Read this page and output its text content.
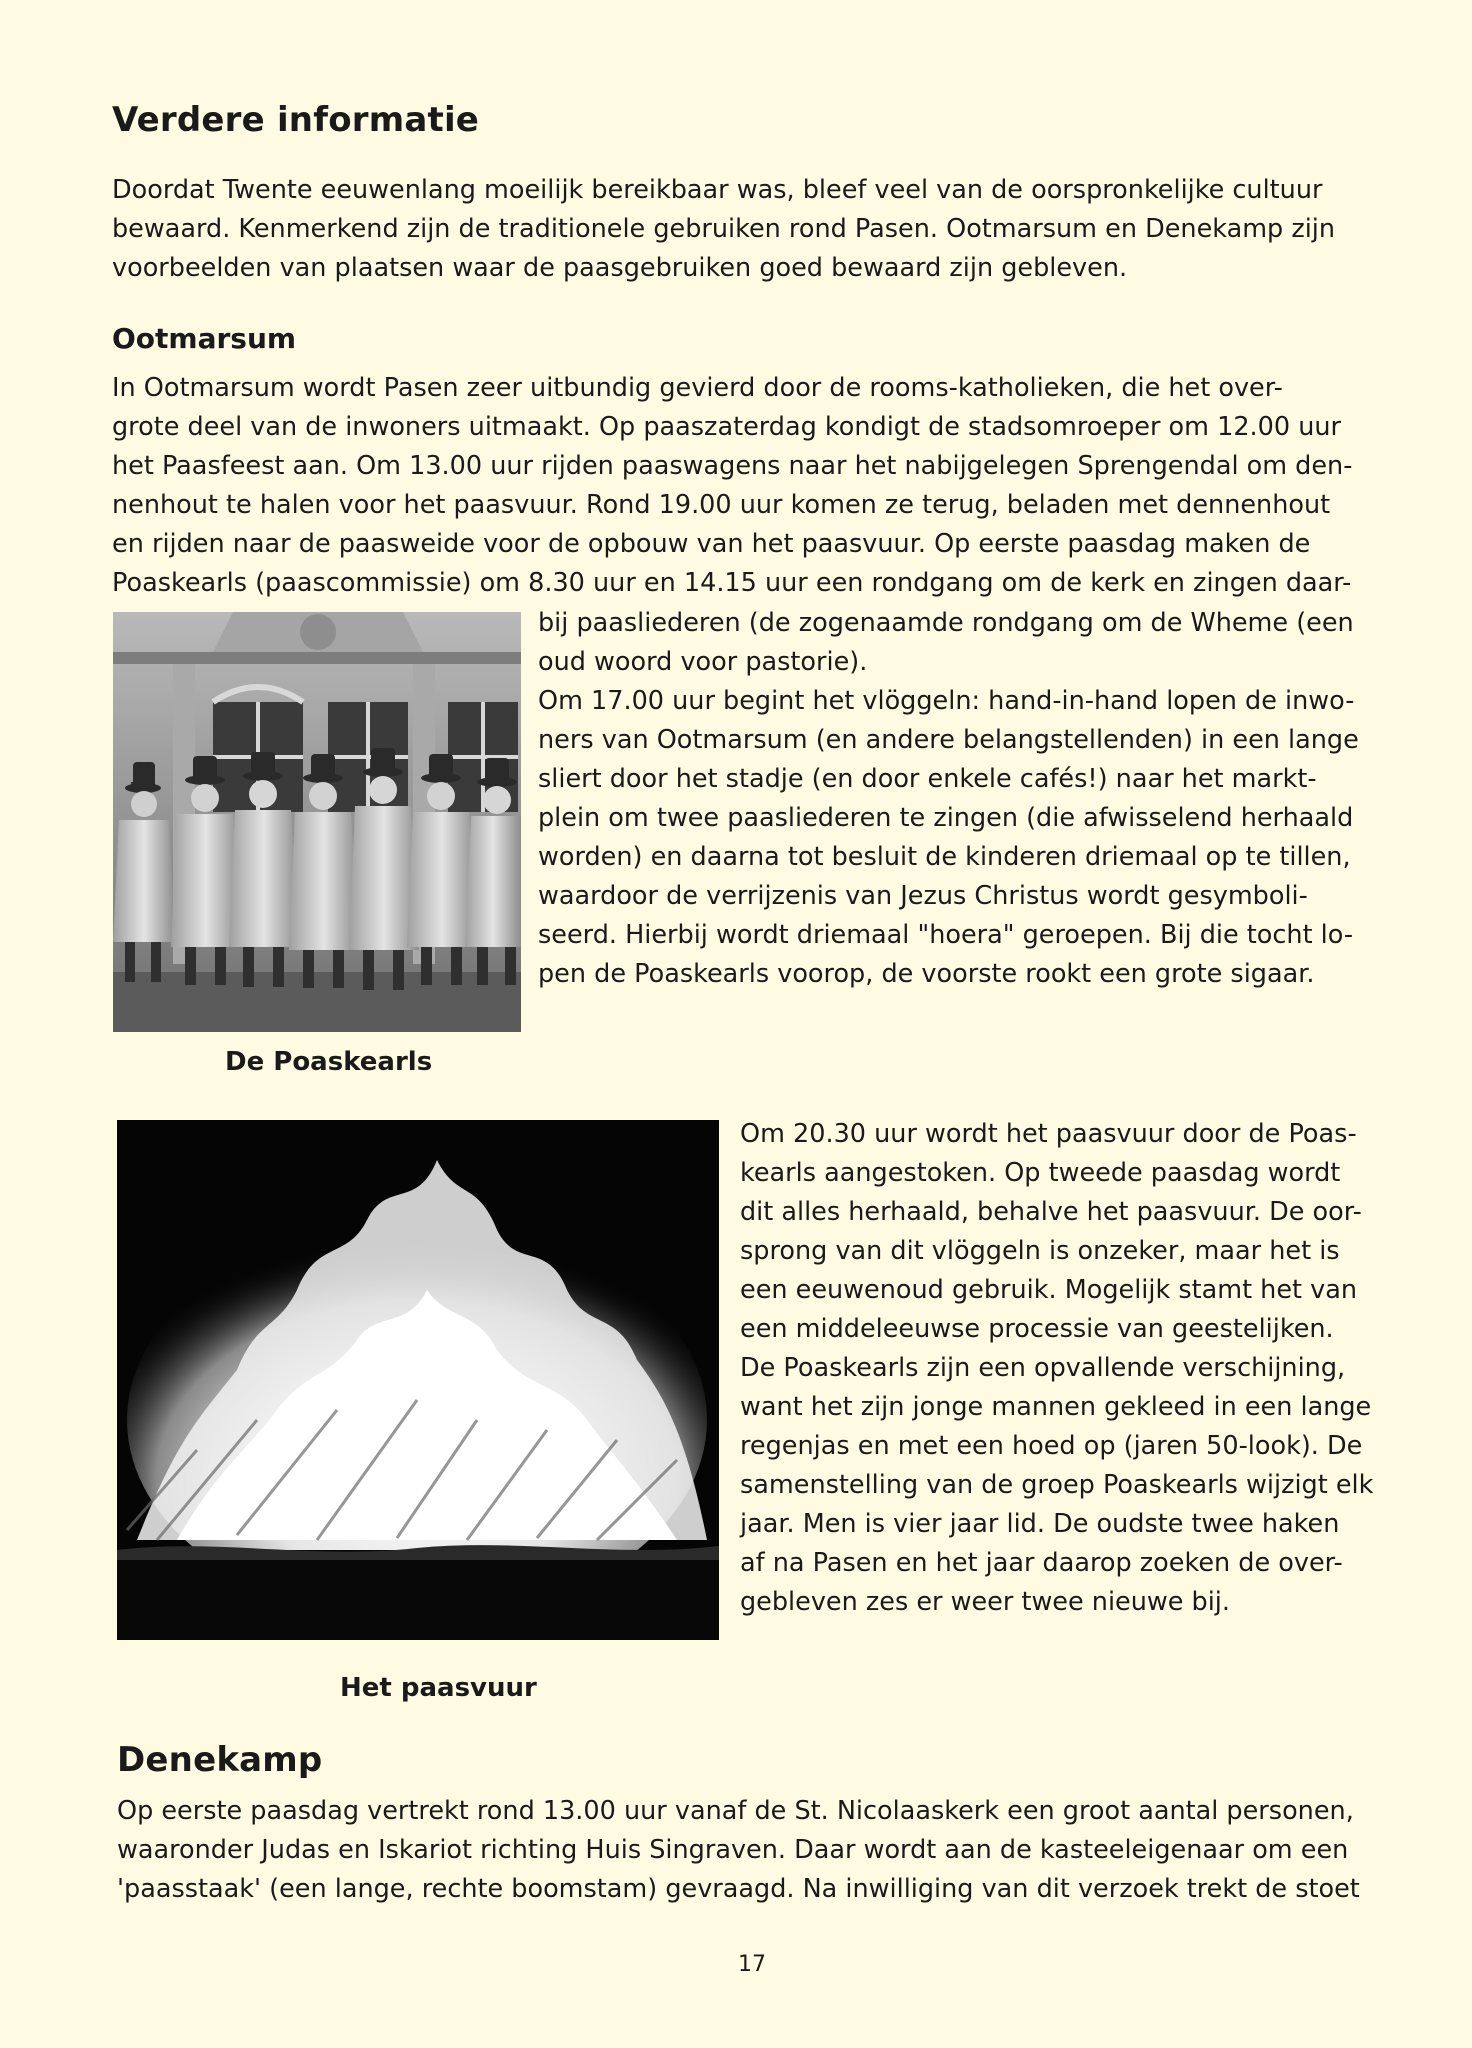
Verdere informatie
Doordat Twente eeuwenlang moeilijk bereikbaar was, bleef veel van de oorspronkelijke cultuur
bewaard. Kenmerkend zijn de traditionele gebruiken rond Pasen. Ootmarsum en Denekamp zijn
voorbeelden van plaatsen waar de paasgebruiken goed bewaard zijn gebleven.
Ootmarsum
In Ootmarsum wordt Pasen zeer uitbundig gevierd door de rooms-katholieken, die het over-
grote deel van de inwoners uitmaakt. Op paaszaterdag kondigt de stadsomroeper om 12.00 uur
het Paasfeest aan. Om 13.00 uur rijden paaswagens naar het nabijgelegen Sprengendal om den-
nenhout te halen voor het paasvuur. Rond 19.00 uur komen ze terug, beladen met dennenhout
en rijden naar de paasweide voor de opbouw van het paasvuur. Op eerste paasdag maken de
Poaskearls (paascommissie) om 8.30 uur en 14.15 uur een rondgang om de kerk en zingen daar-
bij paasliederen (de zogenaamde rondgang om de Wheme (een
oud woord voor pastorie).
Om 17.00 uur begint het vlöggeln: hand-in-hand lopen de inwo-
ners van Ootmarsum (en andere belangstellenden) in een lange
sliert door het stadje (en door enkele cafés!) naar het markt-
plein om twee paasliederen te zingen (die afwisselend herhaald
worden) en daarna tot besluit de kinderen driemaal op te tillen,
waardoor de verrijzenis van Jezus Christus wordt gesymboli-
seerd. Hierbij wordt driemaal "hoera" geroepen. Bij die tocht lo-
pen de Poaskearls voorop, de voorste rookt een grote sigaar.
De Poaskearls
Om 20.30 uur wordt het paasvuur door de Poas-
kearls aangestoken. Op tweede paasdag wordt
dit alles herhaald, behalve het paasvuur. De oor-
sprong van dit vlöggeln is onzeker, maar het is
een eeuwenoud gebruik. Mogelijk stamt het van
een middeleeuwse processie van geestelijken.
De Poaskearls zijn een opvallende verschijning,
want het zijn jonge mannen gekleed in een lange
regenjas en met een hoed op (jaren 50-look). De
samenstelling van de groep Poaskearls wijzigt elk
jaar. Men is vier jaar lid. De oudste twee haken
af na Pasen en het jaar daarop zoeken de over-
gebleven zes er weer twee nieuwe bij.
Het paasvuur
Denekamp
Op eerste paasdag vertrekt rond 13.00 uur vanaf de St. Nicolaaskerk een groot aantal personen,
waaronder Judas en Iskariot richting Huis Singraven. Daar wordt aan de kasteeleigenaar om een
'paasstaak' (een lange, rechte boomstam) gevraagd. Na inwilliging van dit verzoek trekt de stoet
17
